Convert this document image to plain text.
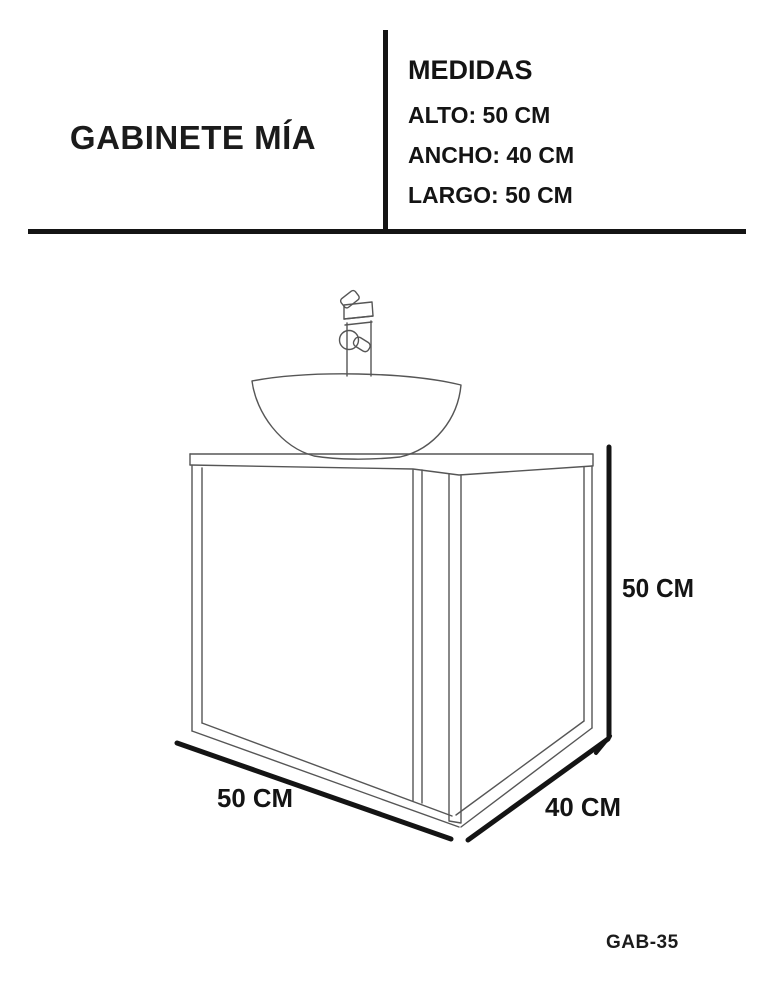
GABINETE MÍA
MEDIDAS
ALTO: 50 CM
ANCHO: 40 CM
LARGO: 50 CM
50 CM
50 CM	40 CM
GAB-35
